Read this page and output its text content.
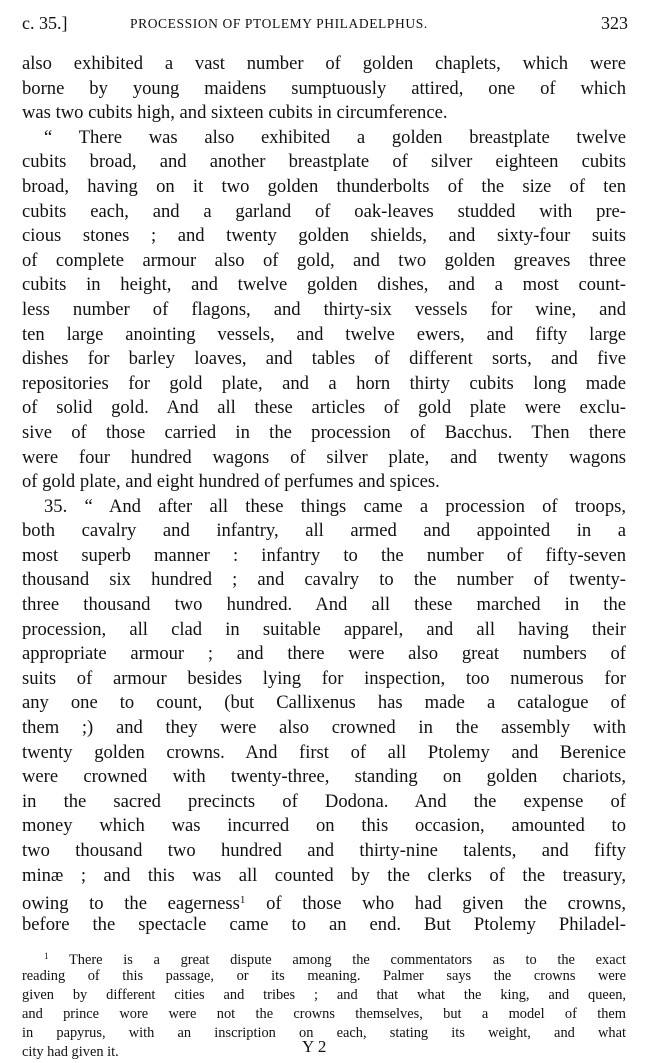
c. 35.]	PROCESSION OF PTOLEMY PHILADELPHUS.	323
also exhibited a vast number of golden chaplets, which were
borne by young maidens sumptuously attired, one of which
was two cubits high, and sixteen cubits in circumference.
“ There was also exhibited a golden breastplate twelve
cubits broad, and another breastplate of silver eighteen cubits
broad, having on it two golden thunderbolts of the size of ten
cubits each, and a garland of oak-leaves studded with pre-
cious stones ; and twenty golden shields, and sixty-four suits
of complete armour also of gold, and two golden greaves three
cubits in height, and twelve golden dishes, and a most count-
less number of flagons, and thirty-six vessels for wine, and
ten large anointing vessels, and twelve ewers, and fifty large
dishes for barley loaves, and tables of different sorts, and five
repositories for gold plate, and a horn thirty cubits long made
of solid gold. And all these articles of gold plate were exclu-
sive of those carried in the procession of Bacchus. Then there
were four hundred wagons of silver plate, and twenty wagons
of gold plate, and eight hundred of perfumes and spices.
35. “ And after all these things came a procession of troops,
both cavalry and infantry, all armed and appointed in a
most superb manner : infantry to the number of fifty-seven
thousand six hundred ; and cavalry to the number of twenty-
three thousand two hundred. And all these marched in the
procession, all clad in suitable apparel, and all having their
appropriate armour ; and there were also great numbers of
suits of armour besides lying for inspection, too numerous for
any one to count, (but Callixenus has made a catalogue of
them ;) and they were also crowned in the assembly with
twenty golden crowns. And first of all Ptolemy and Berenice
were crowned with twenty-three, standing on golden chariots,
in the sacred precincts of Dodona. And the expense of
money which was incurred on this occasion, amounted to
two thousand two hundred and thirty-nine talents, and fifty
minæ ; and this was all counted by the clerks of the treasury,
owing to the eagerness$^1$ of those who had given the crowns,
before the spectacle came to an end. But Ptolemy Philadel-
$^1$ There is a great dispute among the commentators as to the exact
reading of this passage, or its meaning. Palmer says the crowns were
given by different cities and tribes ; and that what the king, and queen,
and prince wore were not the crowns themselves, but a model of them
in papyrus, with an inscription on each, stating its weight, and what
city had given it.	Y 2
